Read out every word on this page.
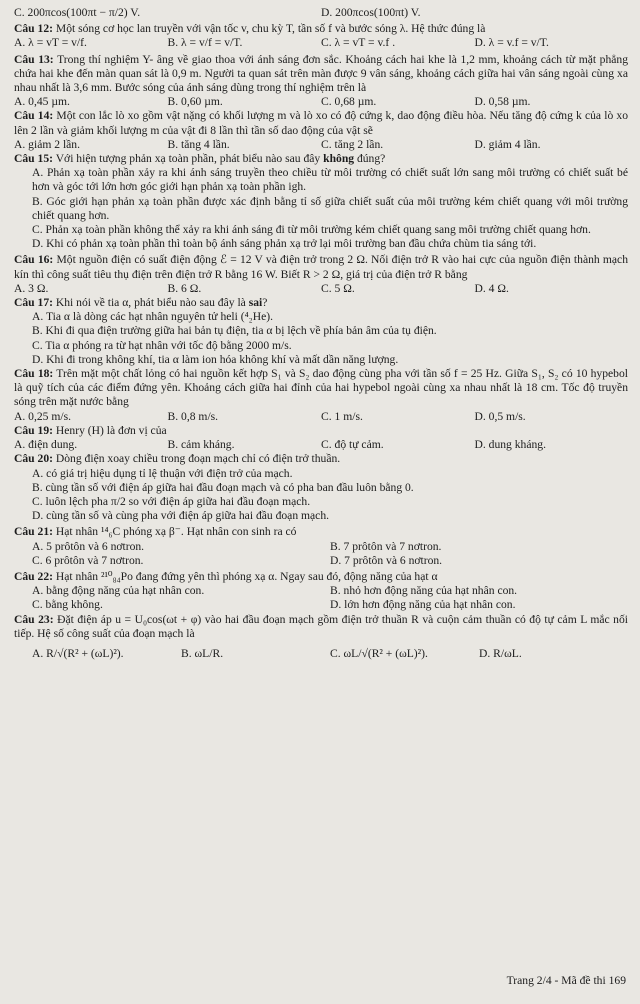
C. 200πcos(100πt − π/2) V.	D. 200πcos(100πt) V.
Câu 12: Một sóng cơ học lan truyền với vận tốc v, chu kỳ T, tần số f và bước sóng λ. Hệ thức đúng là
A. λ = vT = v/f.	B. λ = v/f = v/T.	C. λ = vT = v.f .	D. λ = v.f = v/T.
Câu 13: Trong thí nghiệm Y- âng về giao thoa với ánh sáng đơn sắc. Khoảng cách hai khe là 1,2 mm, khoảng cách từ mặt phẳng chứa hai khe đến màn quan sát là 0,9 m. Người ta quan sát trên màn được 9 vân sáng, khoảng cách giữa hai vân sáng ngoài cùng xa nhau nhất là 3,6 mm. Bước sóng của ánh sáng dùng trong thí nghiệm trên là
A. 0,45 µm.	B. 0,60 µm.	C. 0,68 µm.	D. 0,58 µm.
Câu 14: Một con lắc lò xo gồm vật nặng có khối lượng m và lò xo có độ cứng k, dao động điều hòa. Nếu tăng độ cứng k của lò xo lên 2 lần và giảm khối lượng m của vật đi 8 lần thì tần số dao động của vật sẽ
A. giảm 2 lần.	B. tăng 4 lần.	C. tăng 2 lần.	D. giảm 4 lần.
Câu 15: Với hiện tượng phản xạ toàn phần, phát biểu nào sau đây không đúng?
A. Phản xạ toàn phần xảy ra khi ánh sáng truyền theo chiều từ môi trường có chiết suất lớn sang môi trường có chiết suất bé hơn và góc tới lớn hơn góc giới hạn phản xạ toàn phần igh.
B. Góc giới hạn phản xạ toàn phần được xác định bằng tỉ số giữa chiết suất của môi trường kém chiết quang với môi trường chiết quang hơn.
C. Phản xạ toàn phần không thể xảy ra khi ánh sáng đi từ môi trường kém chiết quang sang môi trường chiết quang hơn.
D. Khi có phản xạ toàn phần thì toàn bộ ánh sáng phản xạ trở lại môi trường ban đầu chứa chùm tia sáng tới.
Câu 16: Một nguồn điện có suất điện động ℰ = 12 V và điện trở trong 2 Ω. Nối điện trở R vào hai cực của nguồn điện thành mạch kín thì công suất tiêu thụ điện trên điện trở R bằng 16 W. Biết R > 2 Ω, giá trị của điện trở R bằng
A. 3 Ω.	B. 6 Ω.	C. 5 Ω.	D. 4 Ω.
Câu 17: Khi nói về tia α, phát biểu nào sau đây là sai?
A. Tia α là dòng các hạt nhân nguyên tử heli (⁴₂He).
B. Khi đi qua điện trường giữa hai bản tụ điện, tia α bị lệch về phía bản âm của tụ điện.
C. Tia α phóng ra từ hạt nhân với tốc độ bằng 2000 m/s.
D. Khi đi trong không khí, tia α làm ion hóa không khí và mất dần năng lượng.
Câu 18: Trên mặt một chất lỏng có hai nguồn kết hợp S₁ và S₂ dao động cùng pha với tần số f = 25 Hz. Giữa S₁, S₂ có 10 hypebol là quỹ tích của các điểm đứng yên. Khoảng cách giữa hai đỉnh của hai hypebol ngoài cùng xa nhau nhất là 18 cm. Tốc độ truyền sóng trên mặt nước bằng
A. 0,25 m/s.	B. 0,8 m/s.	C. 1 m/s.	D. 0,5 m/s.
Câu 19: Henry (H) là đơn vị của
A. điện dung.	B. cảm kháng.	C. độ tự cảm.	D. dung kháng.
Câu 20: Dòng điện xoay chiều trong đoạn mạch chỉ có điện trở thuần.
A. có giá trị hiệu dụng tỉ lệ thuận với điện trở của mạch.
B. cùng tần số với điện áp giữa hai đầu đoạn mạch và có pha ban đầu luôn bằng 0.
C. luôn lệch pha π/2 so với điện áp giữa hai đầu đoạn mạch.
D. cùng tần số và cùng pha với điện áp giữa hai đầu đoạn mạch.
Câu 21: Hạt nhân ¹⁴₆C phóng xạ β⁻. Hạt nhân con sinh ra có
A. 5 prôtôn và 6 nơtron.	B. 7 prôtôn và 7 nơtron.
C. 6 prôtôn và 7 nơtron.	D. 7 prôtôn và 6 nơtron.
Câu 22: Hạt nhân ²¹⁰₈₄Po đang đứng yên thì phóng xạ α. Ngay sau đó, động năng của hạt α
A. bằng động năng của hạt nhân con.	B. nhỏ hơn động năng của hạt nhân con.
C. bằng không.	D. lớn hơn động năng của hạt nhân con.
Câu 23: Đặt điện áp u = U₀cos(ωt + φ) vào hai đầu đoạn mạch gồm điện trở thuần R và cuộn cảm thuần có độ tự cảm L mắc nối tiếp. Hệ số công suất của đoạn mạch là
A. R/√(R² + (ωL)²).	B. ωL/R.	C. ωL/√(R² + (ωL)²).	D. R/ωL.
Trang 2/4 - Mã đề thi 169
